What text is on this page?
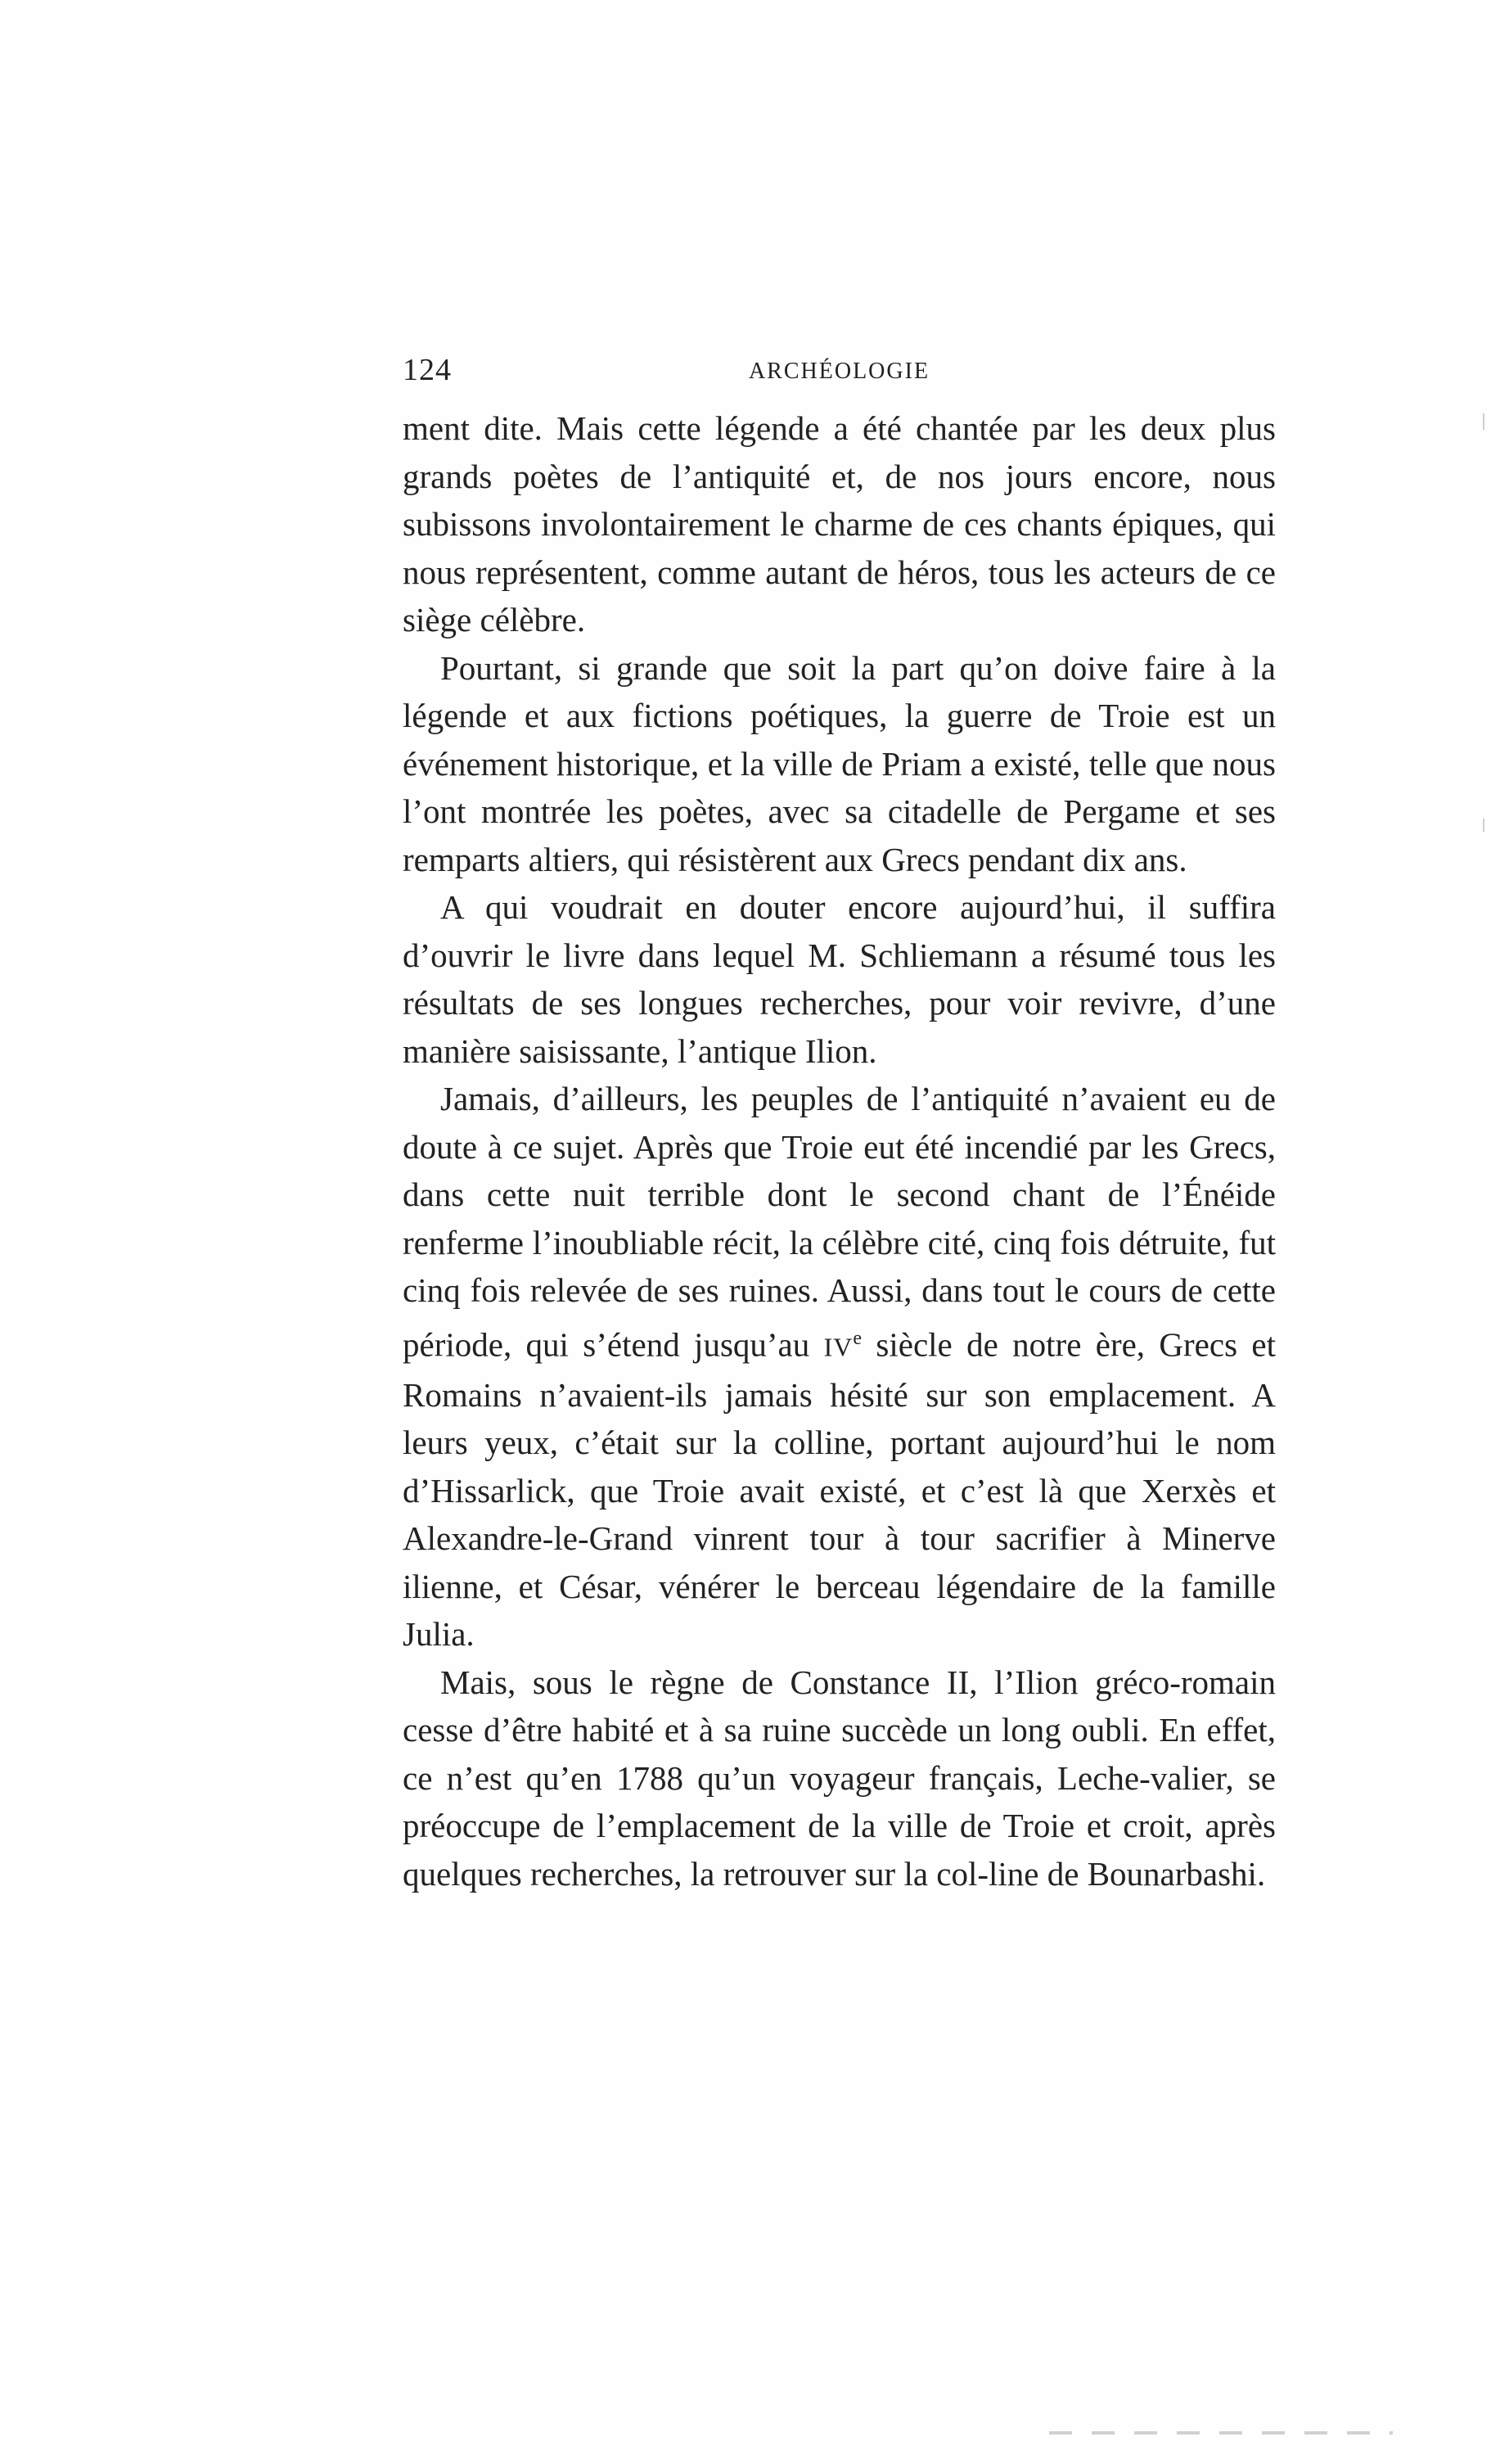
124	ARCHÉOLOGIE

ment dite. Mais cette légende a été chantée par les deux plus grands poètes de l’antiquité et, de nos jours encore, nous subissons involontairement le charme de ces chants épiques, qui nous représentent, comme autant de héros, tous les acteurs de ce siège célèbre.

Pourtant, si grande que soit la part qu’on doive faire à la légende et aux fictions poétiques, la guerre de Troie est un événement historique, et la ville de Priam a existé, telle que nous l’ont montrée les poètes, avec sa citadelle de Pergame et ses remparts altiers, qui résistèrent aux Grecs pendant dix ans.

A qui voudrait en douter encore aujourd’hui, il suffira d’ouvrir le livre dans lequel M. Schliemann a résumé tous les résultats de ses longues recherches, pour voir revivre, d’une manière saisissante, l’antique Ilion.

Jamais, d’ailleurs, les peuples de l’antiquité n’avaient eu de doute à ce sujet. Après que Troie eut été incendié par les Grecs, dans cette nuit terrible dont le second chant de l’Énéide renferme l’inoubliable récit, la célèbre cité, cinq fois détruite, fut cinq fois relevée de ses ruines. Aussi, dans tout le cours de cette période, qui s’étend jusqu’au IVe siècle de notre ère, Grecs et Romains n’avaient-ils jamais hésité sur son emplacement. A leurs yeux, c’était sur la colline, portant aujourd’hui le nom d’Hissarlick, que Troie avait existé, et c’est là que Xerxès et Alexandre-le-Grand vinrent tour à tour sacrifier à Minerve ilienne, et César, vénérer le berceau légendaire de la famille Julia.

Mais, sous le règne de Constance II, l’Ilion gréco-romain cesse d’être habité et à sa ruine succède un long oubli. En effet, ce n’est qu’en 1788 qu’un voyageur français, Leche-valier, se préoccupe de l’emplacement de la ville de Troie et croit, après quelques recherches, la retrouver sur la col-line de Bounarbashi.
